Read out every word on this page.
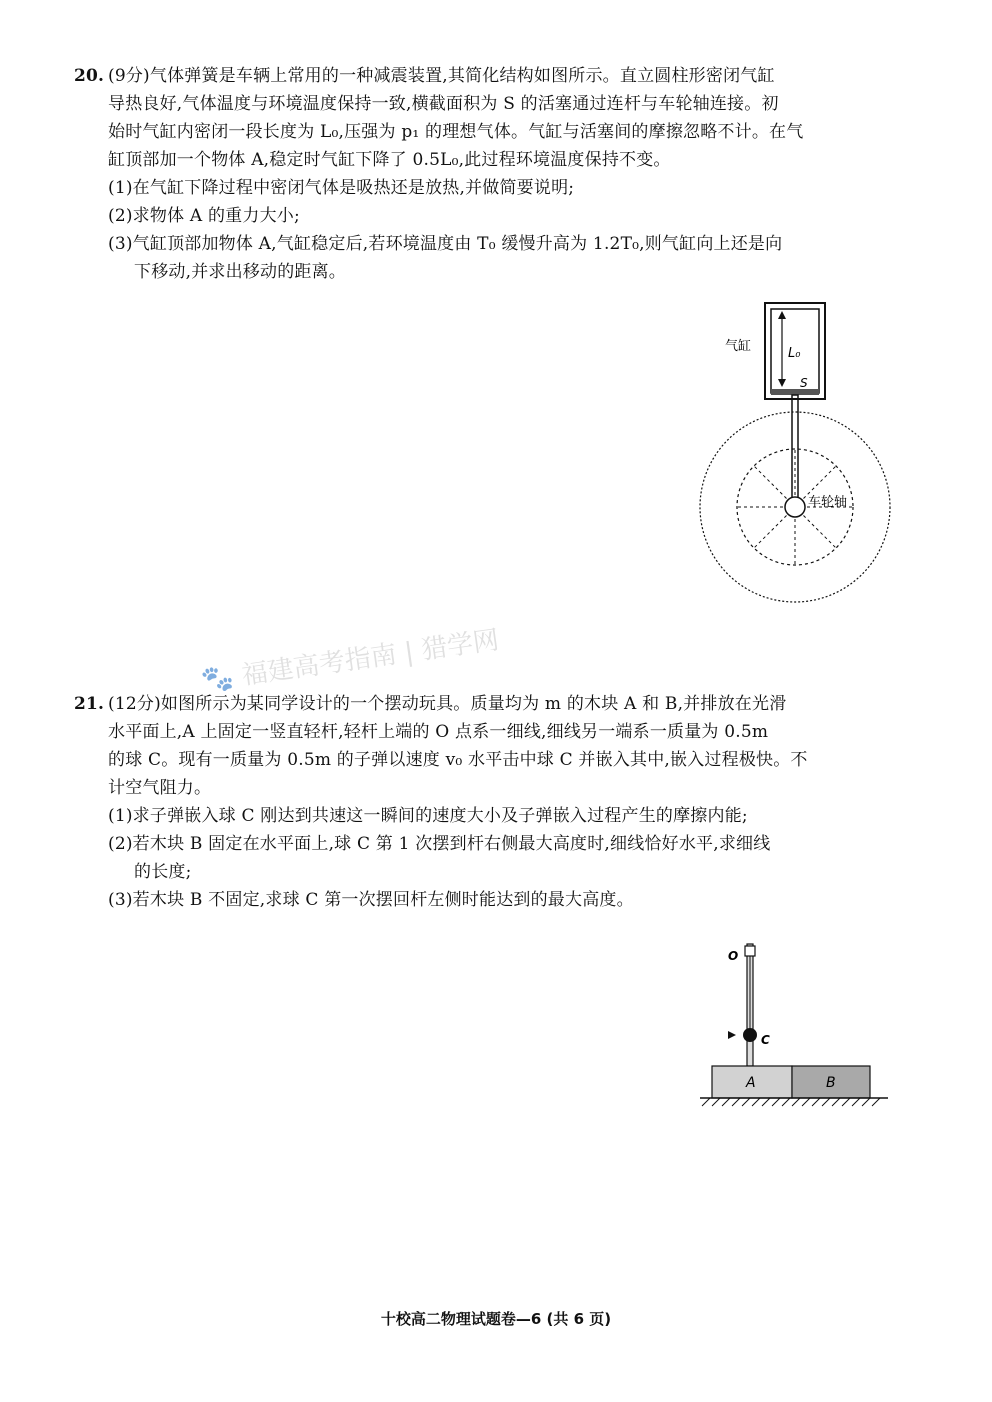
🐾 福建高考指南 | 猎学网

20. (9分)气体弹簧是车辆上常用的一种减震装置,其简化结构如图所示。直立圆柱形密闭气缸

导热良好,气体温度与环境温度保持一致,横截面积为 S 的活塞通过连杆与车轮轴连接。初

始时气缸内密闭一段长度为 L₀,压强为 p₁ 的理想气体。气缸与活塞间的摩擦忽略不计。在气

缸顶部加一个物体 A,稳定时气缸下降了 0.5L₀,此过程环境温度保持不变。

(1)在气缸下降过程中密闭气体是吸热还是放热,并做简要说明;

(2)求物体 A 的重力大小;

(3)气缸顶部加物体 A,气缸稳定后,若环境温度由 T₀ 缓慢升高为 1.2T₀,则气缸向上还是向
下移动,并求出移动的距离。

L₀
S
气缸
车轮轴

21. (12分)如图所示为某同学设计的一个摆动玩具。质量均为 m 的木块 A 和 B,并排放在光滑

水平面上,A 上固定一竖直轻杆,轻杆上端的 O 点系一细线,细线另一端系一质量为 0.5m

的球 C。现有一质量为 0.5m 的子弹以速度 v₀ 水平击中球 C 并嵌入其中,嵌入过程极快。不

计空气阻力。

(1)求子弹嵌入球 C 刚达到共速这一瞬间的速度大小及子弹嵌入过程产生的摩擦内能;

(2)若木块 B 固定在水平面上,球 C 第 1 次摆到杆右侧最大高度时,细线恰好水平,求细线
的长度;

(3)若木块 B 不固定,求球 C 第一次摆回杆左侧时能达到的最大高度。

O
C
A	B
十校高二物理试题卷—6 (共 6 页)
